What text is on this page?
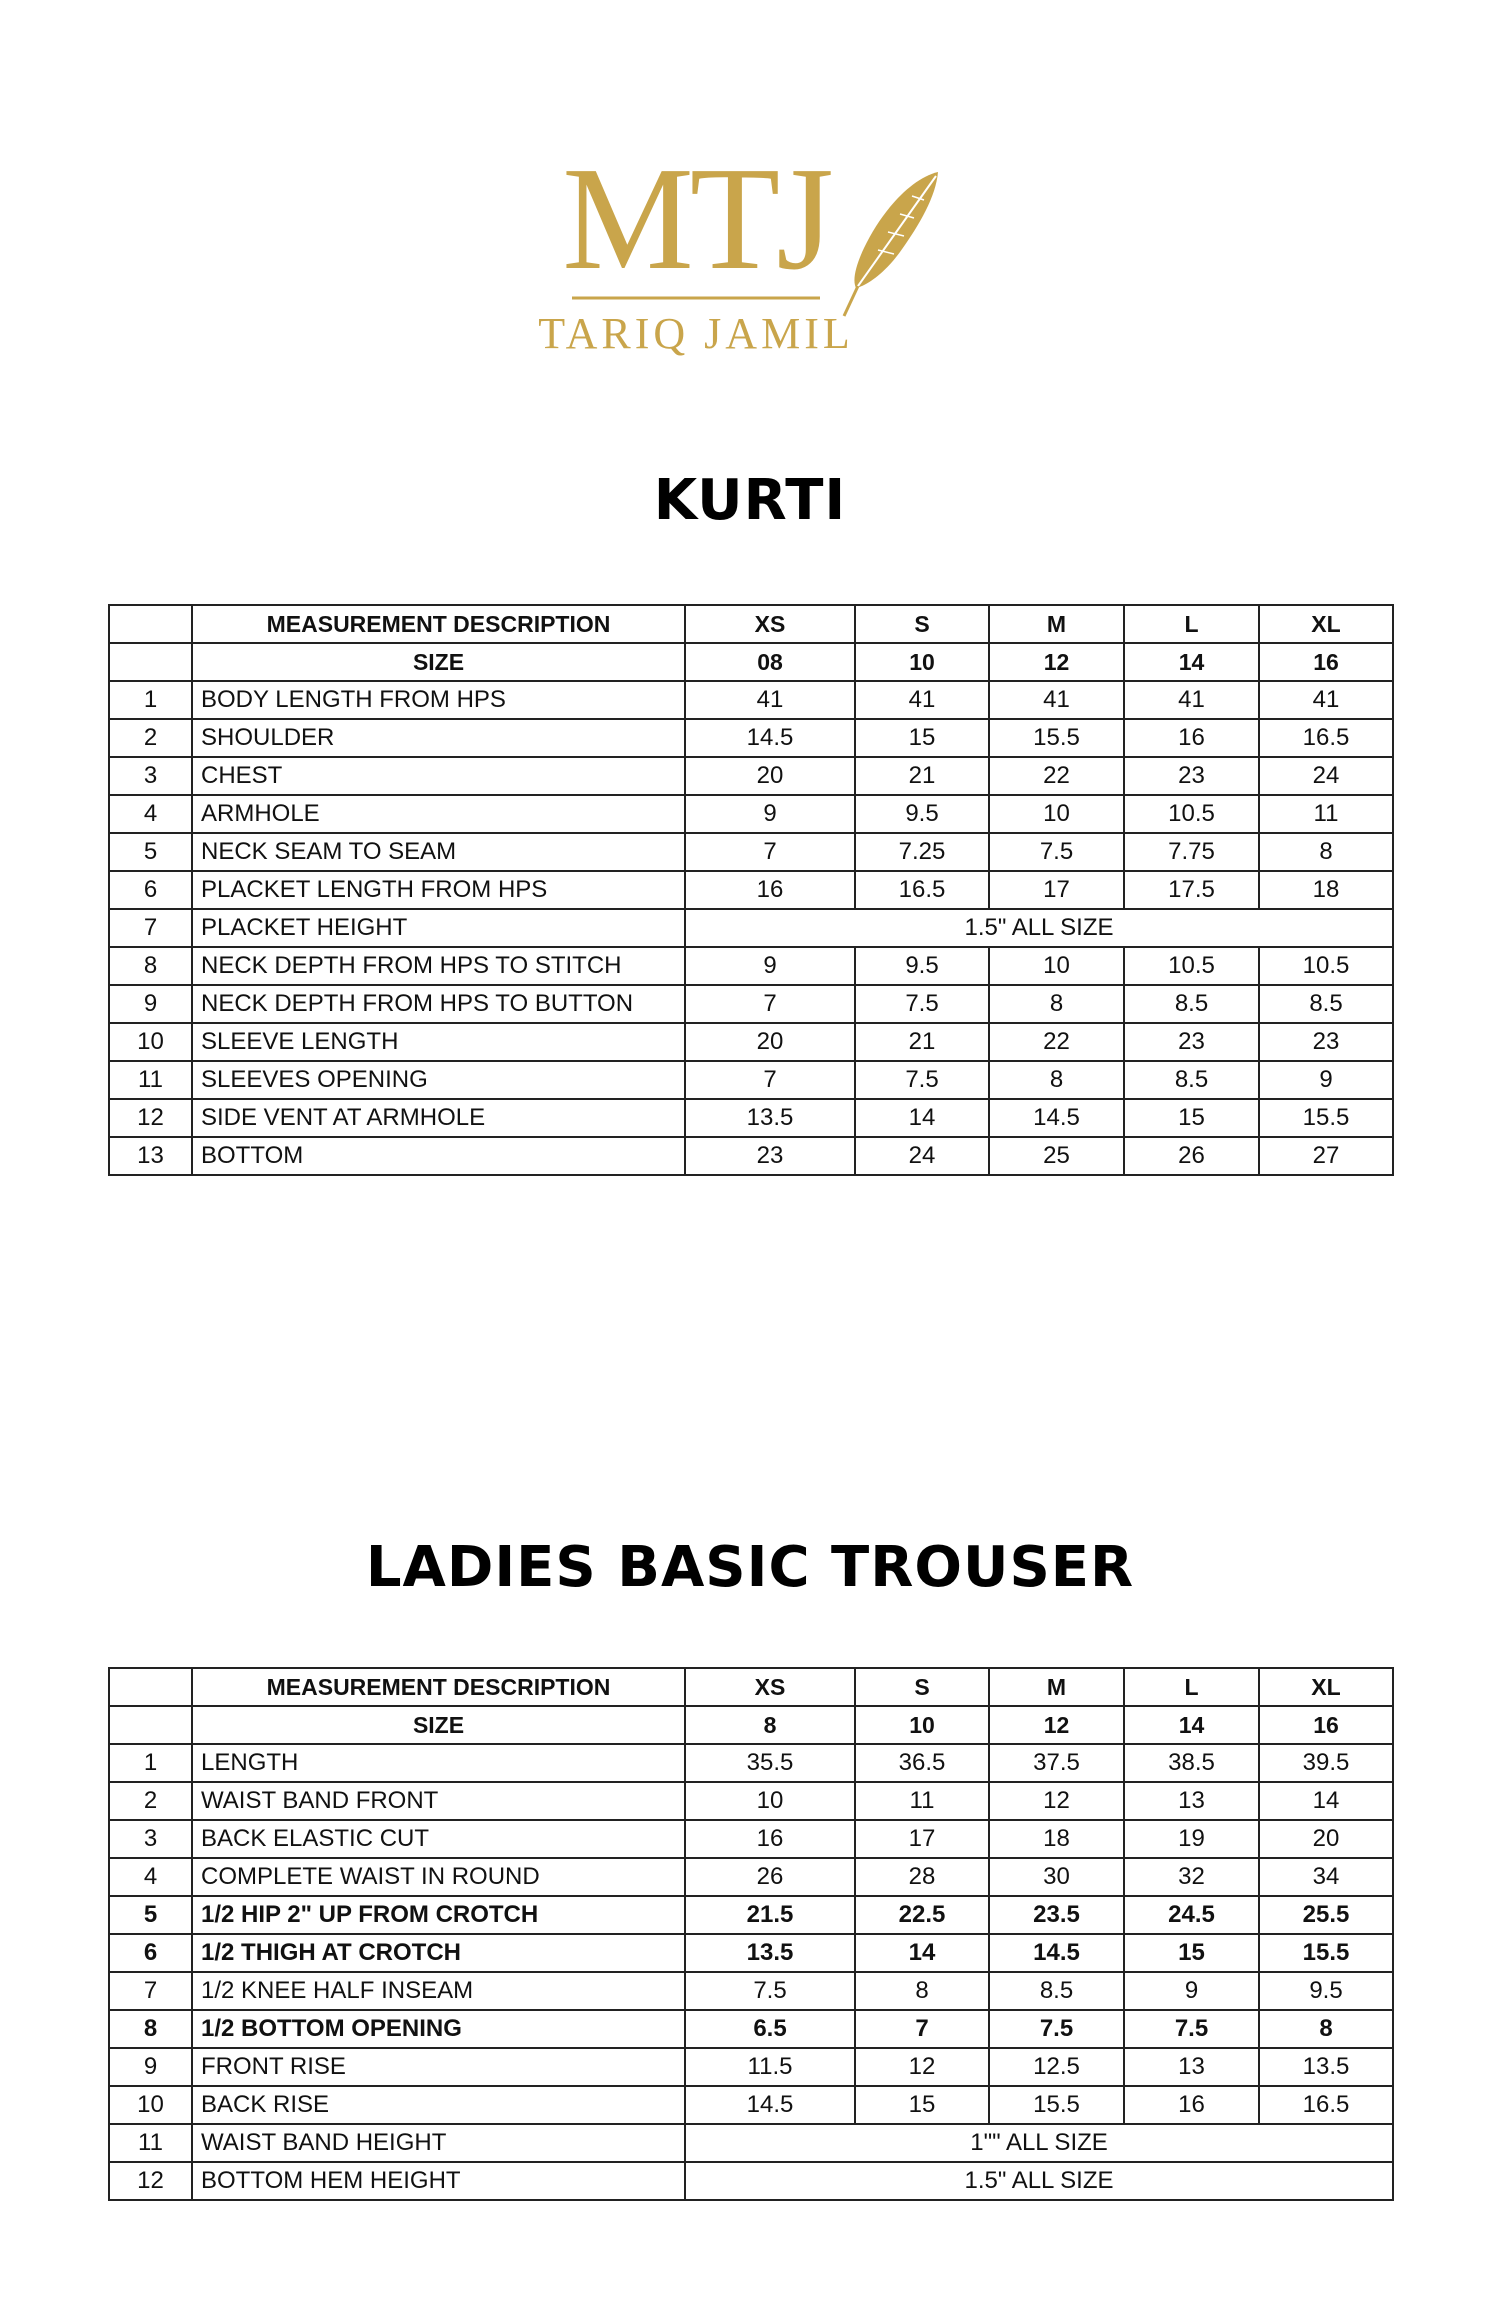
MTJ
TARIQ JAMIL
KURTI
	MEASUREMENT DESCRIPTION	XS	S	M	L	XL
	SIZE	08	10	12	14	16
1	BODY LENGTH FROM HPS	41	41	41	41	41
2	SHOULDER	14.5	15	15.5	16	16.5
3	CHEST	20	21	22	23	24
4	ARMHOLE	9	9.5	10	10.5	11
5	NECK SEAM TO SEAM	7	7.25	7.5	7.75	8
6	PLACKET LENGTH FROM HPS	16	16.5	17	17.5	18
7	PLACKET HEIGHT	1.5" ALL SIZE				
8	NECK DEPTH FROM HPS TO STITCH	9	9.5	10	10.5	10.5
9	NECK DEPTH FROM HPS TO BUTTON	7	7.5	8	8.5	8.5
10	SLEEVE LENGTH	20	21	22	23	23
11	SLEEVES OPENING	7	7.5	8	8.5	9
12	SIDE VENT AT ARMHOLE	13.5	14	14.5	15	15.5
13	BOTTOM	23	24	25	26	27
LADIES BASIC TROUSER
	MEASUREMENT DESCRIPTION	XS	S	M	L	XL
	SIZE	8	10	12	14	16
1	LENGTH	35.5	36.5	37.5	38.5	39.5
2	WAIST BAND FRONT	10	11	12	13	14
3	BACK ELASTIC CUT	16	17	18	19	20
4	COMPLETE WAIST IN ROUND	26	28	30	32	34
5	1/2 HIP 2" UP FROM CROTCH	21.5	22.5	23.5	24.5	25.5
6	1/2 THIGH AT CROTCH	13.5	14	14.5	15	15.5
7	1/2 KNEE HALF INSEAM	7.5	8	8.5	9	9.5
8	1/2 BOTTOM OPENING	6.5	7	7.5	7.5	8
9	FRONT RISE	11.5	12	12.5	13	13.5
10	BACK RISE	14.5	15	15.5	16	16.5
11	WAIST BAND HEIGHT	1"" ALL SIZE				
12	BOTTOM HEM HEIGHT	1.5" ALL SIZE				
